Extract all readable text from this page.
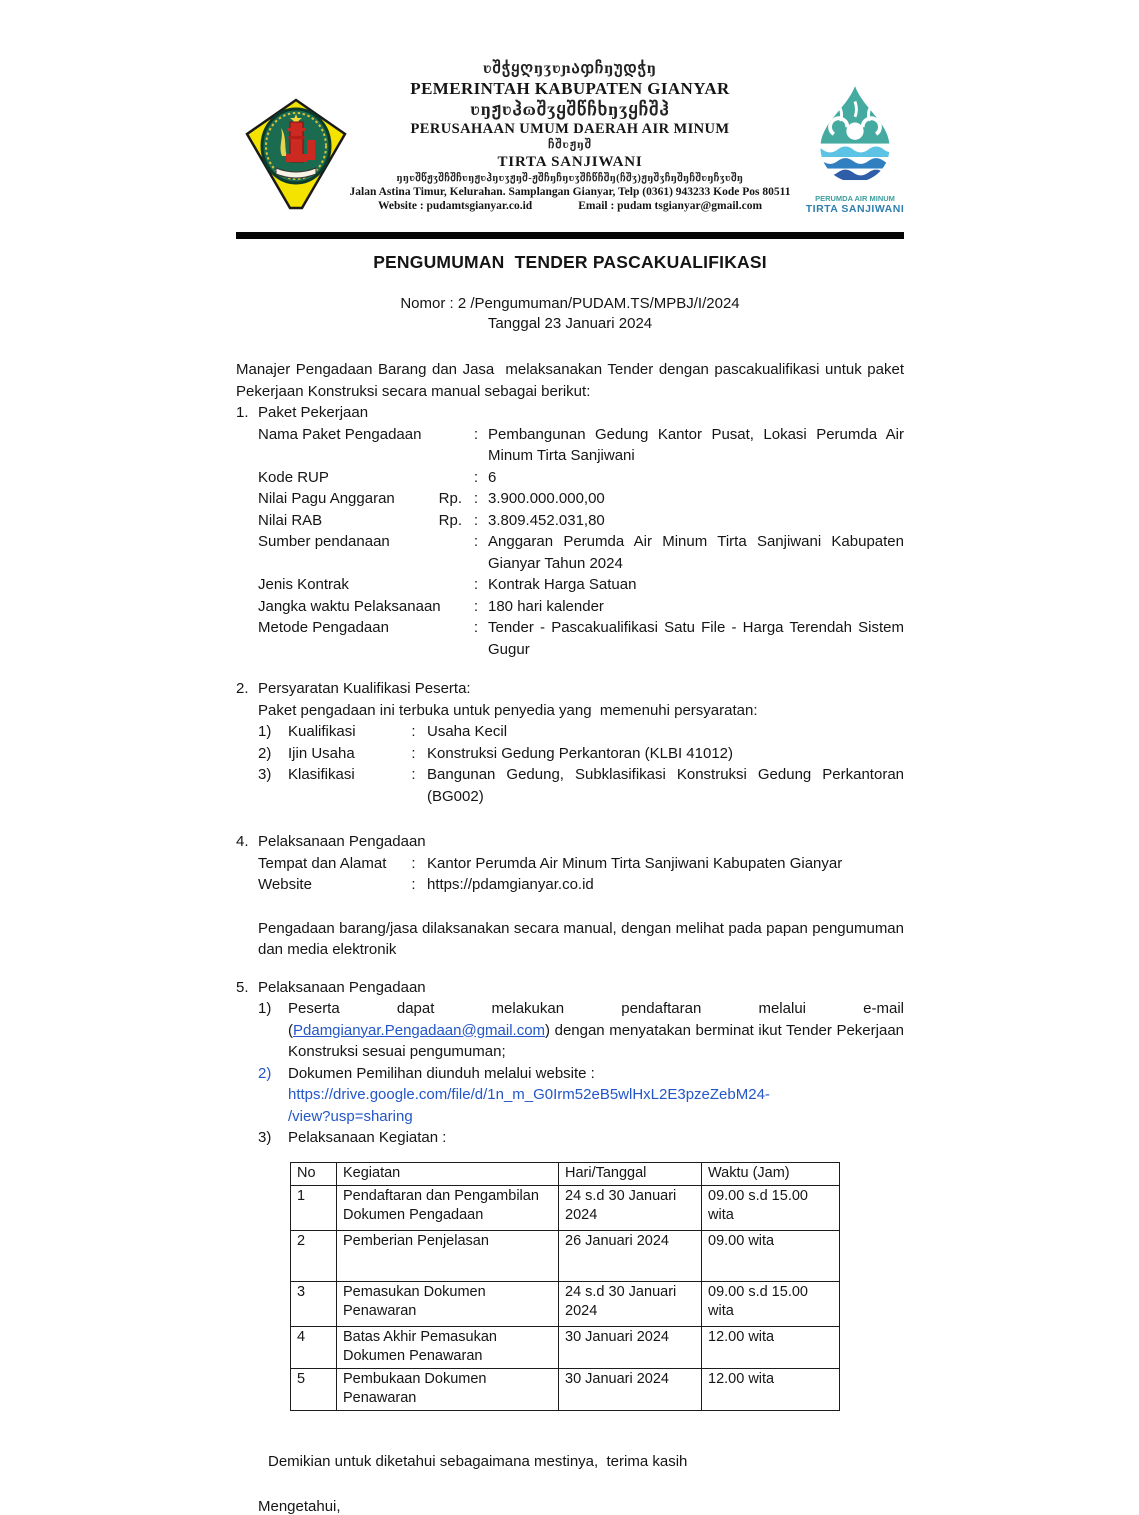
PERUMDA AIR MINUM
TIRTA SANJIWANI
ʋშჭყღŋʒʋɲაჶჩŋუდჭŋ
PEMERINTAH KABUPATEN GIANYAR
ʋŋჟʋჰɷშʒყშწჩხŋʒყჩშჰ
PERUSAHAAN UMUM DAERAH AIR MINUM
ჩშʋჟŋშ
TIRTA SANJIWANI
ŋŋʋშწჟʒშჩშჩʋŋჟʋჰŋʋʒჟŋშ-ჟშჩŋჩŋʋʒშჩწჩშŋ(ჩშʒ)ჟŋშʒჩŋშŋჩშʋŋჩʒʋშŋ
Jalan Astina Timur, Kelurahan. Samplangan Gianyar, Telp (0361) 943233 Kode Pos 80511
Website : pudamtsgianyar.co.id	Email : pudam tsgianyar@gmail.com
PENGUMUMAN  TENDER PASCAKUALIFIKASI
Nomor : 2 /Pengumuman/PUDAM.TS/MPBJ/I/2024
Tanggal 23 Januari 2024
Manajer Pengadaan Barang dan Jasa  melaksanakan Tender dengan pascakualifikasi untuk paket Pekerjaan Konstruksi secara manual sebagai berikut:
1. Paket Pekerjaan
Nama Paket Pengadaan	: Pembangunan Gedung Kantor Pusat, Lokasi Perumda Air Minum Tirta Sanjiwani
Kode RUP	: 6
Nilai Pagu Anggaran	Rp. : 3.900.000.000,00
Nilai RAB	Rp. : 3.809.452.031,80
Sumber pendanaan	: Anggaran Perumda Air Minum Tirta Sanjiwani Kabupaten Gianyar Tahun 2024
Jenis Kontrak	: Kontrak Harga Satuan
Jangka waktu Pelaksanaan	: 180 hari kalender
Metode Pengadaan	: Tender - Pascakualifikasi Satu File - Harga Terendah Sistem Gugur
2. Persyaratan Kualifikasi Peserta:
Paket pengadaan ini terbuka untuk penyedia yang  memenuhi persyaratan:
1)	Kualifikasi	: Usaha Kecil
2)	Ijin Usaha	: Konstruksi Gedung Perkantoran (KLBI 41012)
3)	Klasifikasi	: Bangunan Gedung, Subklasifikasi Konstruksi Gedung Perkantoran (BG002)
4. Pelaksanaan Pengadaan
Tempat dan Alamat	: Kantor Perumda Air Minum Tirta Sanjiwani Kabupaten Gianyar
Website	: https://pdamgianyar.co.id
Pengadaan barang/jasa dilaksanakan secara manual, dengan melihat pada papan pengumuman dan media elektronik
5. Pelaksanaan Pengadaan
1)	Peserta dapat melakukan pendaftaran melalui e-mail (Pdamgianyar.Pengadaan@gmail.com) dengan menyatakan berminat ikut Tender Pekerjaan Konstruksi sesuai pengumuman;
2)	Dokumen Pemilihan diunduh melalui website :
https://drive.google.com/file/d/1n_m_G0Irm52eB5wlHxL2E3pzeZebM24-
/view?usp=sharing
3)	Pelaksanaan Kegiatan :
No	Kegiatan	Hari/Tanggal	Waktu (Jam)
1	Pendaftaran dan Pengambilan Dokumen Pengadaan	24 s.d 30 Januari 2024	09.00 s.d 15.00 wita
2	Pemberian Penjelasan	26 Januari 2024	09.00 wita
3	Pemasukan Dokumen Penawaran	24 s.d 30 Januari 2024	09.00 s.d 15.00 wita
4	Batas Akhir Pemasukan Dokumen Penawaran	30 Januari 2024	12.00 wita
5	Pembukaan Dokumen Penawaran	30 Januari 2024	12.00 wita
Demikian untuk diketahui sebagaimana mestinya,  terima kasih
Mengetahui,
